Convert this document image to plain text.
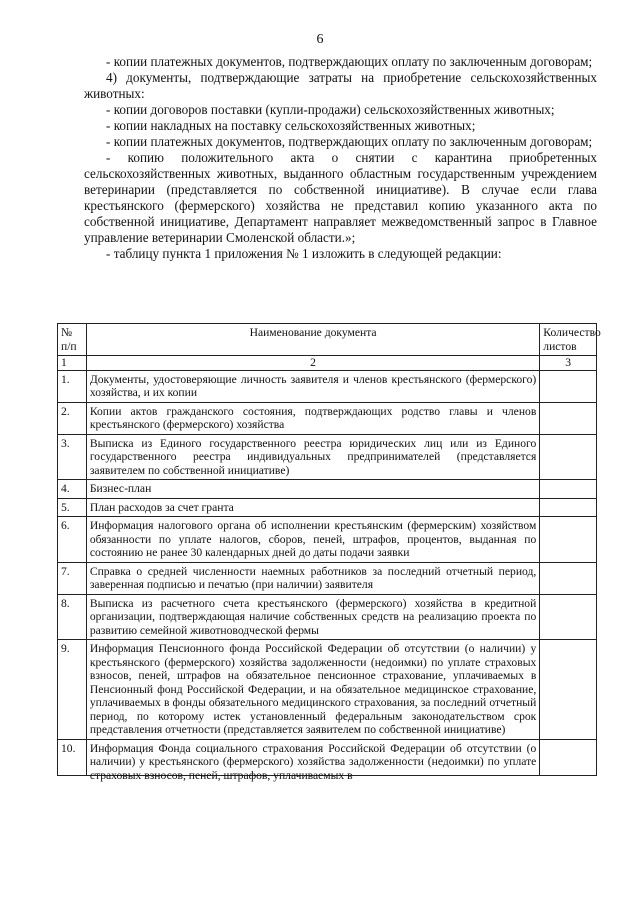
6

- копии платежных документов, подтверждающих оплату по заключенным договорам;

4) документы, подтверждающие затраты на приобретение сельскохозяйственных животных:

- копии договоров поставки (купли-продажи) сельскохозяйственных животных;

- копии накладных на поставку сельскохозяйственных животных;

- копии платежных документов, подтверждающих оплату по заключенным договорам;

- копию положительного акта о снятии с карантина приобретенных сельскохозяйственных животных, выданного областным государственным учреждением ветеринарии (представляется по собственной инициативе). В случае если глава крестьянского (фермерского) хозяйства не представил копию указанного акта по собственной инициативе, Департамент направляет межведомственный запрос в Главное управление ветеринарии Смоленской области.»;

- таблицу пункта 1 приложения № 1 изложить в следующей редакции:

№ п/п	Наименование документа	Количество листов
1	2	3
1.	Документы, удостоверяющие личность заявителя и членов крестьянского (фермерского) хозяйства, и их копии	
2.	Копии актов гражданского состояния, подтверждающих родство главы и членов крестьянского (фермерского) хозяйства	
3.	Выписка из Единого государственного реестра юридических лиц или из Единого государственного реестра индивидуальных предпринимателей (представляется заявителем по собственной инициативе)	
4.	Бизнес-план	
5.	План расходов за счет гранта	
6.	Информация налогового органа об исполнении крестьянским (фермерским) хозяйством обязанности по уплате налогов, сборов, пеней, штрафов, процентов, выданная по состоянию не ранее 30 календарных дней до даты подачи заявки	
7.	Справка о средней численности наемных работников за последний отчетный период, заверенная подписью и печатью (при наличии) заявителя	
8.	Выписка из расчетного счета крестьянского (фермерского) хозяйства в кредитной организации, подтверждающая наличие собственных средств на реализацию проекта по развитию семейной животноводческой фермы	
9.	Информация Пенсионного фонда Российской Федерации об отсутствии (о наличии) у крестьянского (фермерского) хозяйства задолженности (недоимки) по уплате страховых взносов, пеней, штрафов на обязательное пенсионное страхование, уплачиваемых в Пенсионный фонд Российской Федерации, и на обязательное медицинское страхование, уплачиваемых в фонды обязательного медицинского страхования, за последний отчетный период, по которому истек установленный федеральным законодательством срок представления отчетности (представляется заявителем по собственной инициативе)	
10.	Информация Фонда социального страхования Российской Федерации об отсутствии (о наличии) у крестьянского (фермерского) хозяйства задолженности (недоимки) по уплате страховых взносов, пеней, штрафов, уплачиваемых в	
